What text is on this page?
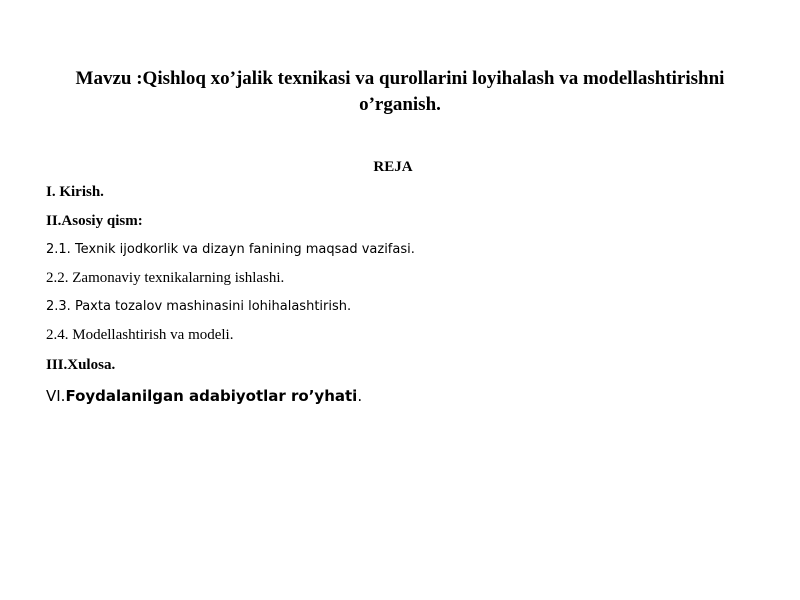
Mavzu :Qishloq xo’jalik texnikasi va qurollarini loyihalash va modellashtirishni o’rganish.
REJA
I. Kirish.
II.Asosiy qism:
2.1. Texnik ijodkorlik va dizayn fanining maqsad vazifasi.
2.2. Zamonaviy texnikalarning ishlashi.
2.3. Paxta tozalov mashinasini lohihalashtirish.
2.4. Modellashtirish va modeli.
III.Xulosa.
VI.Foydalanilgan adabiyotlar ro’yhati.
